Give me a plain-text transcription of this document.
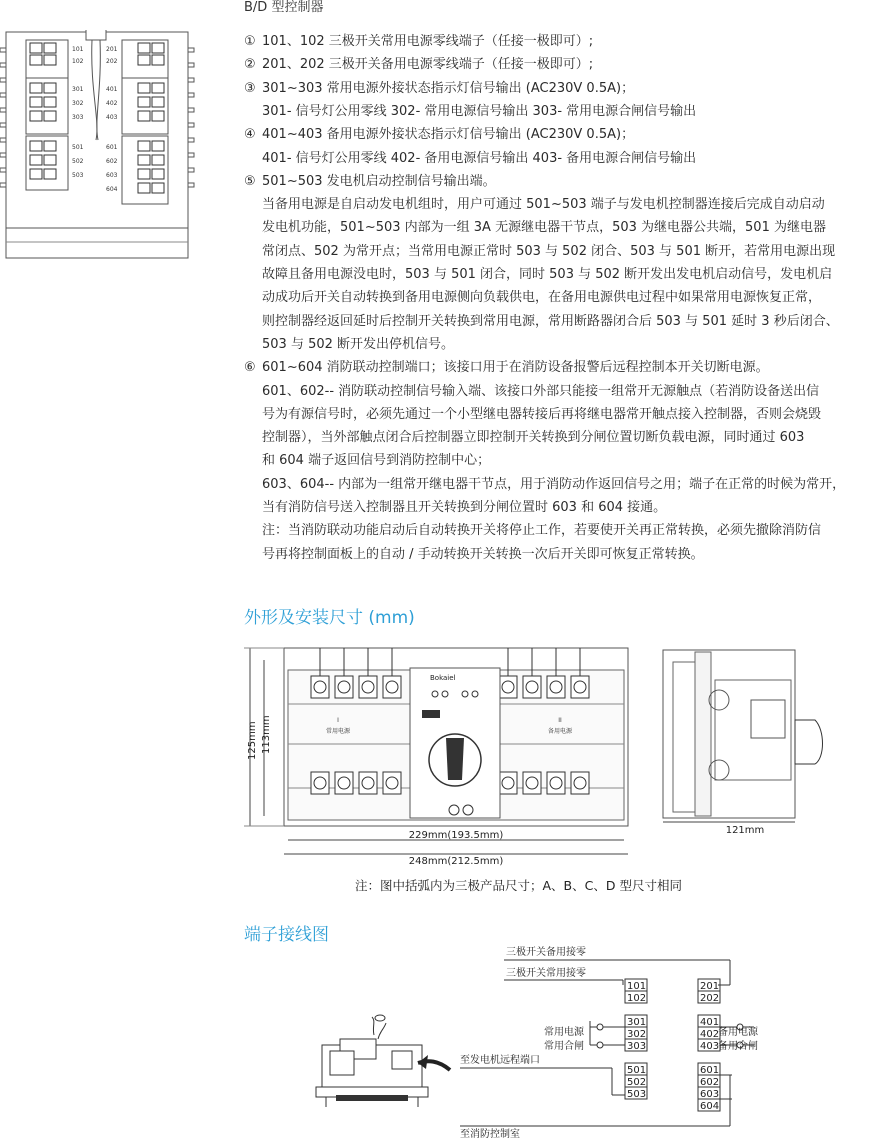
B/D 型控制器
101
102
301
302
303
501
502
503
201
202
401
402
403
601
602
603
604
① 101、102 三极开关常用电源零线端子（任接一极即可）;
② 201、202 三极开关备用电源零线端子（任接一极即可）;
③ 301~303 常用电源外接状态指示灯信号输出 (AC230V 0.5A)；
301- 信号灯公用零线 302- 常用电源信号输出 303- 常用电源合闸信号输出
④ 401~403 备用电源外接状态指示灯信号输出 (AC230V 0.5A)；
401- 信号灯公用零线 402- 备用电源信号输出 403- 备用电源合闸信号输出
⑤ 501~503 发电机启动控制信号输出端。
当备用电源是自启动发电机组时，用户可通过 501~503 端子与发电机控制器连接后完成自动启动
发电机功能，501~503 内部为一组 3A 无源继电器干节点，503 为继电器公共端，501 为继电器
常闭点、502 为常开点；当常用电源正常时 503 与 502 闭合、503 与 501 断开，若常用电源出现
故障且备用电源没电时，503 与 501 闭合，同时 503 与 502 断开发出发电机启动信号，发电机启
动成功后开关自动转换到备用电源侧向负载供电，在备用电源供电过程中如果常用电源恢复正常，
则控制器经返回延时后控制开关转换到常用电源，常用断路器闭合后 503 与 501 延时 3 秒后闭合、
503 与 502 断开发出停机信号。
⑥ 601~604 消防联动控制端口；该接口用于在消防设备报警后远程控制本开关切断电源。
601、602-- 消防联动控制信号输入端、该接口外部只能接一组常开无源触点（若消防设备送出信
号为有源信号时，必须先通过一个小型继电器转接后再将继电器常开触点接入控制器，否则会烧毁
控制器），当外部触点闭合后控制器立即控制开关转换到分闸位置切断负载电源，同时通过 603
和 604 端子返回信号到消防控制中心；
603、604-- 内部为一组常开继电器干节点，用于消防动作返回信号之用；端子在正常的时候为常开，
当有消防信号送入控制器且开关转换到分闸位置时 603 和 604 接通。
注：当消防联动功能启动后自动转换开关将停止工作，若要使开关再正常转换，必须先撤除消防信
号再将控制面板上的自动 / 手动转换开关转换一次后开关即可恢复正常转换。
外形及安装尺寸 (mm)
Bokaiel
I
常用电源
II
备用电源
125mm 113mm
229mm(193.5mm)
248mm(212.5mm)
121mm
注：图中括弧内为三极产品尺寸；A、B、C、D 型尺寸相同
端子接线图
101
102
301
302
303
501
502
503
201
202
401
402
403
601
602
603
604
三极开关备用接零
三极开关常用接零
常用电源
常用合闸
备用电源
备用合闸
至发电机远程端口
至消防控制室
